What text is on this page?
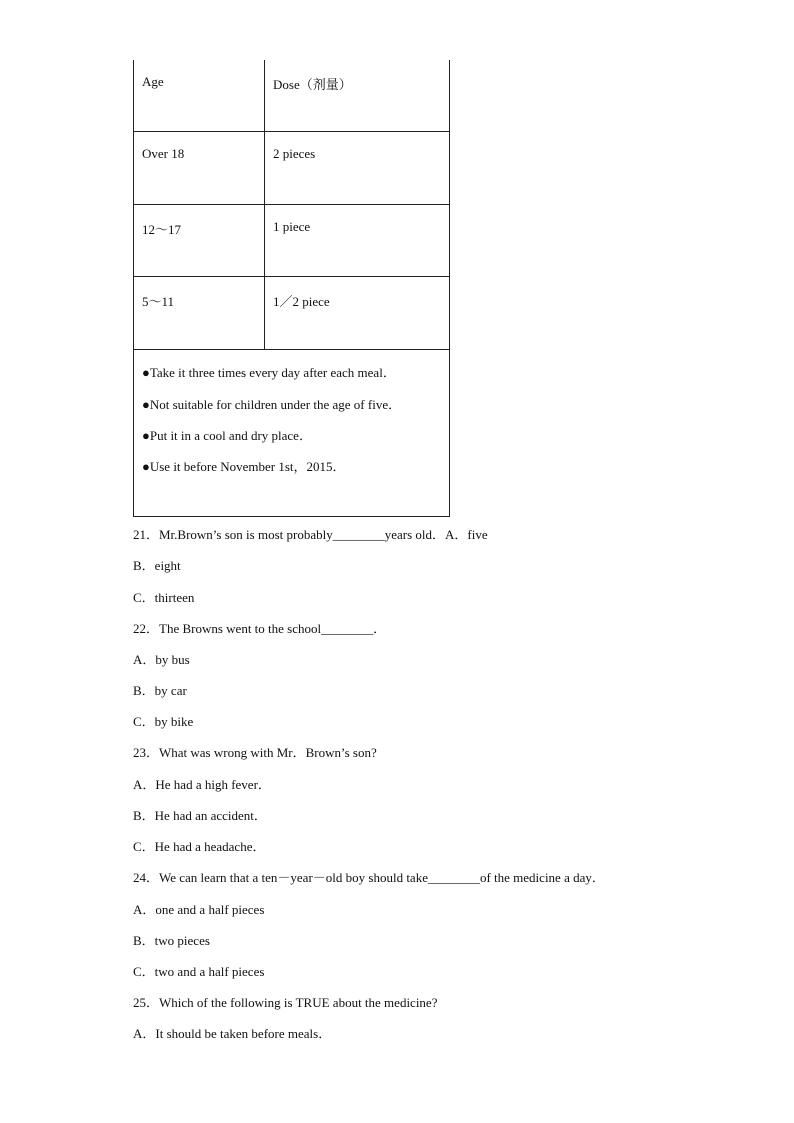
Age	Dose（剂量）
Over 18	2 pieces
12～17	1 piece
5～11	1／2 piece
●Take it three times every day after each meal．
●Not suitable for children under the age of five．
●Put it in a cool and dry place．
●Use it before November 1st，2015．
21．Mr.Brown’s son is most probably________years old．A．five
B．eight
C．thirteen
22．The Browns went to the school________．
A．by bus
B．by car
C．by bike
23．What was wrong with Mr．Brown’s son?
A．He had a high fever．
B．He had an accident．
C．He had a headache．
24．We can learn that a ten－year－old boy should take________of the medicine a day．
A．one and a half pieces
B．two pieces
C．two and a half pieces
25．Which of the following is TRUE about the medicine?
A．It should be taken before meals．
